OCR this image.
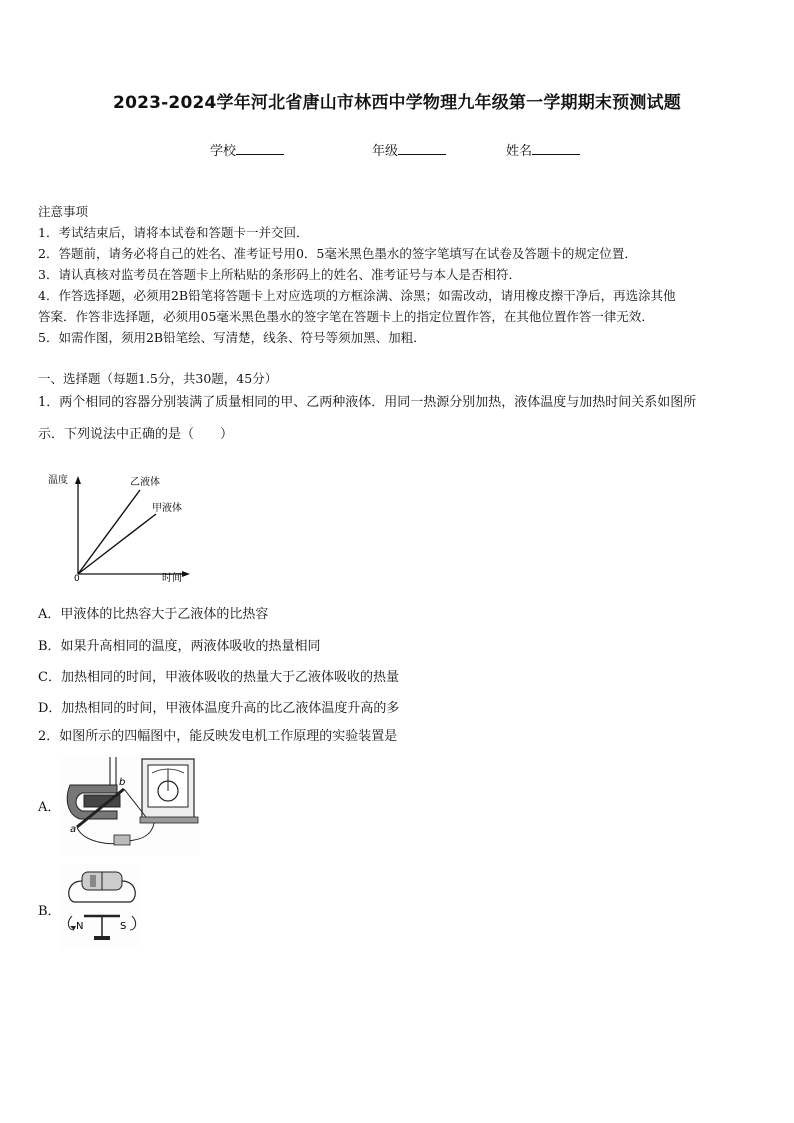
2023-2024学年河北省唐山市林西中学物理九年级第一学期期末预测试题
学校	年级	姓名
注意事项
1．考试结束后，请将本试卷和答题卡一并交回．
2．答题前，请务必将自己的姓名、准考证号用0．5毫米黑色墨水的签字笔填写在试卷及答题卡的规定位置．
3．请认真核对监考员在答题卡上所粘贴的条形码上的姓名、准考证号与本人是否相符．
4．作答选择题，必须用2B铅笔将答题卡上对应选项的方框涂满、涂黑；如需改动，请用橡皮擦干净后，再选涂其他
答案．作答非选择题，必须用05毫米黑色墨水的签字笔在答题卡上的指定位置作答，在其他位置作答一律无效．
5．如需作图，须用2B铅笔绘、写清楚，线条、符号等须加黑、加粗．
一、选择题（每题1.5分，共30题，45分）
1．两个相同的容器分别装满了质量相同的甲、乙两种液体．用同一热源分别加热，液体温度与加热时间关系如图所
示．下列说法中正确的是（　　）
温度
时间
0
乙液体
甲液体
A．甲液体的比热容大于乙液体的比热容
B．如果升高相同的温度，两液体吸收的热量相同
C．加热相同的时间，甲液体吸收的热量大于乙液体吸收的热量
D．加热相同的时间，甲液体温度升高的比乙液体温度升高的多
2．如图所示的四幅图中，能反映发电机工作原理的实验装置是
A．
a
b
B．
N	S
